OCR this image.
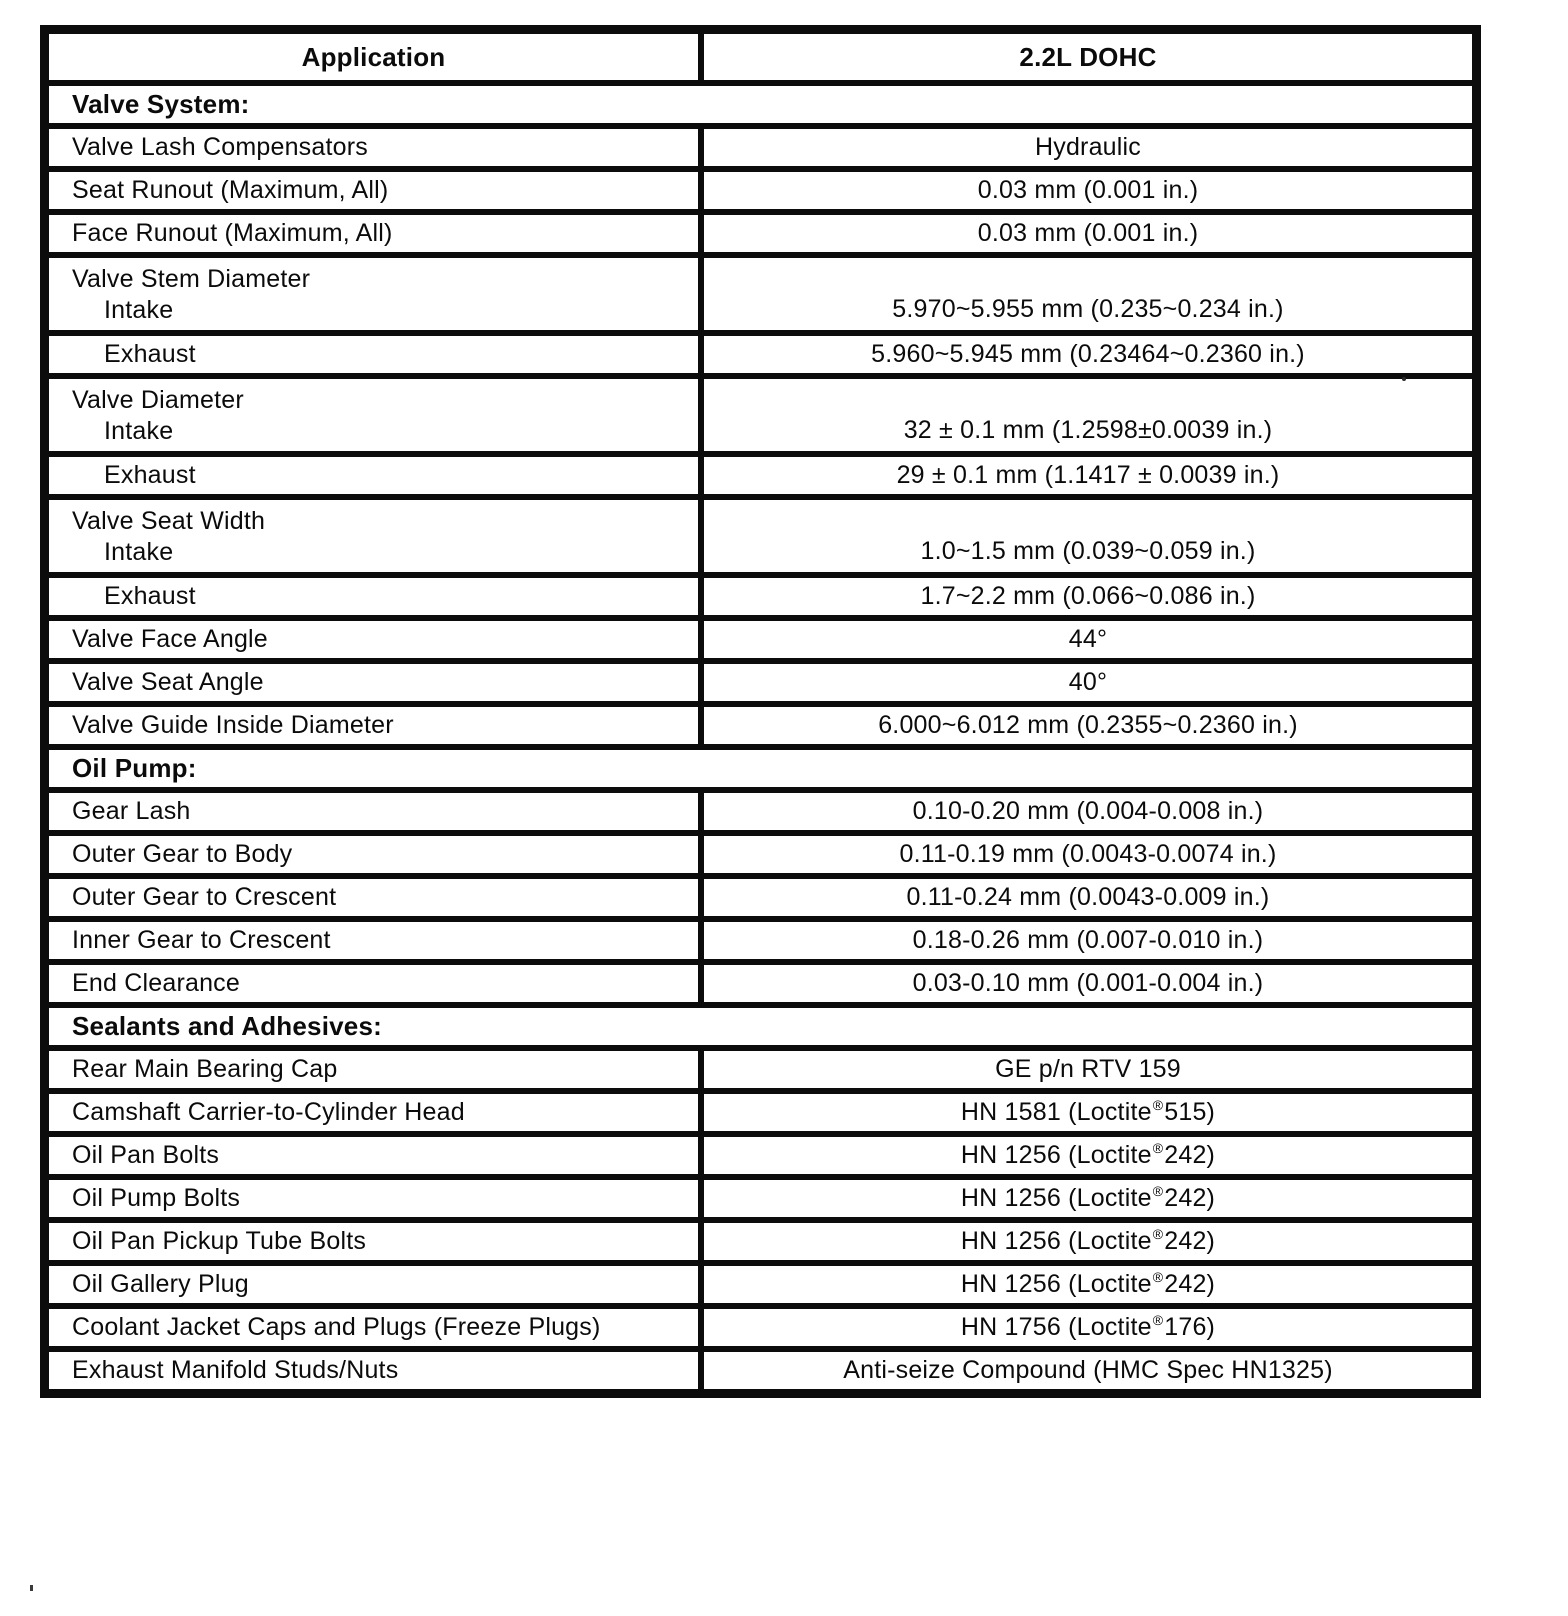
Application	2.2L DOHC
Valve System:
Valve Lash Compensators	Hydraulic
Seat Runout (Maximum, All)	0.03 mm (0.001 in.)
Face Runout (Maximum, All)	0.03 mm (0.001 in.)
Valve Stem Diameter
Intake	5.970~5.955 mm (0.235~0.234 in.)
Exhaust	5.960~5.945 mm (0.23464~0.2360 in.)
Valve Diameter
Intake	32 ± 0.1 mm (1.2598±0.0039 in.)
Exhaust	29 ± 0.1 mm (1.1417 ± 0.0039 in.)
Valve Seat Width
Intake	1.0~1.5 mm (0.039~0.059 in.)
Exhaust	1.7~2.2 mm (0.066~0.086 in.)
Valve Face Angle	44°
Valve Seat Angle	40°
Valve Guide Inside Diameter	6.000~6.012 mm (0.2355~0.2360 in.)
Oil Pump:
Gear Lash	0.10-0.20 mm (0.004-0.008 in.)
Outer Gear to Body	0.11-0.19 mm (0.0043-0.0074 in.)
Outer Gear to Crescent	0.11-0.24 mm (0.0043-0.009 in.)
Inner Gear to Crescent	0.18-0.26 mm (0.007-0.010 in.)
End Clearance	0.03-0.10 mm (0.001-0.004 in.)
Sealants and Adhesives:
Rear Main Bearing Cap	GE p/n RTV 159
Camshaft Carrier-to-Cylinder Head	HN 1581 (Loctite® 515)
Oil Pan Bolts	HN 1256 (Loctite® 242)
Oil Pump Bolts	HN 1256 (Loctite® 242)
Oil Pan Pickup Tube Bolts	HN 1256 (Loctite® 242)
Oil Gallery Plug	HN 1256 (Loctite® 242)
Coolant Jacket Caps and Plugs (Freeze Plugs)	HN 1756 (Loctite® 176)
Exhaust Manifold Studs/Nuts	Anti-seize Compound (HMC Spec HN1325)
